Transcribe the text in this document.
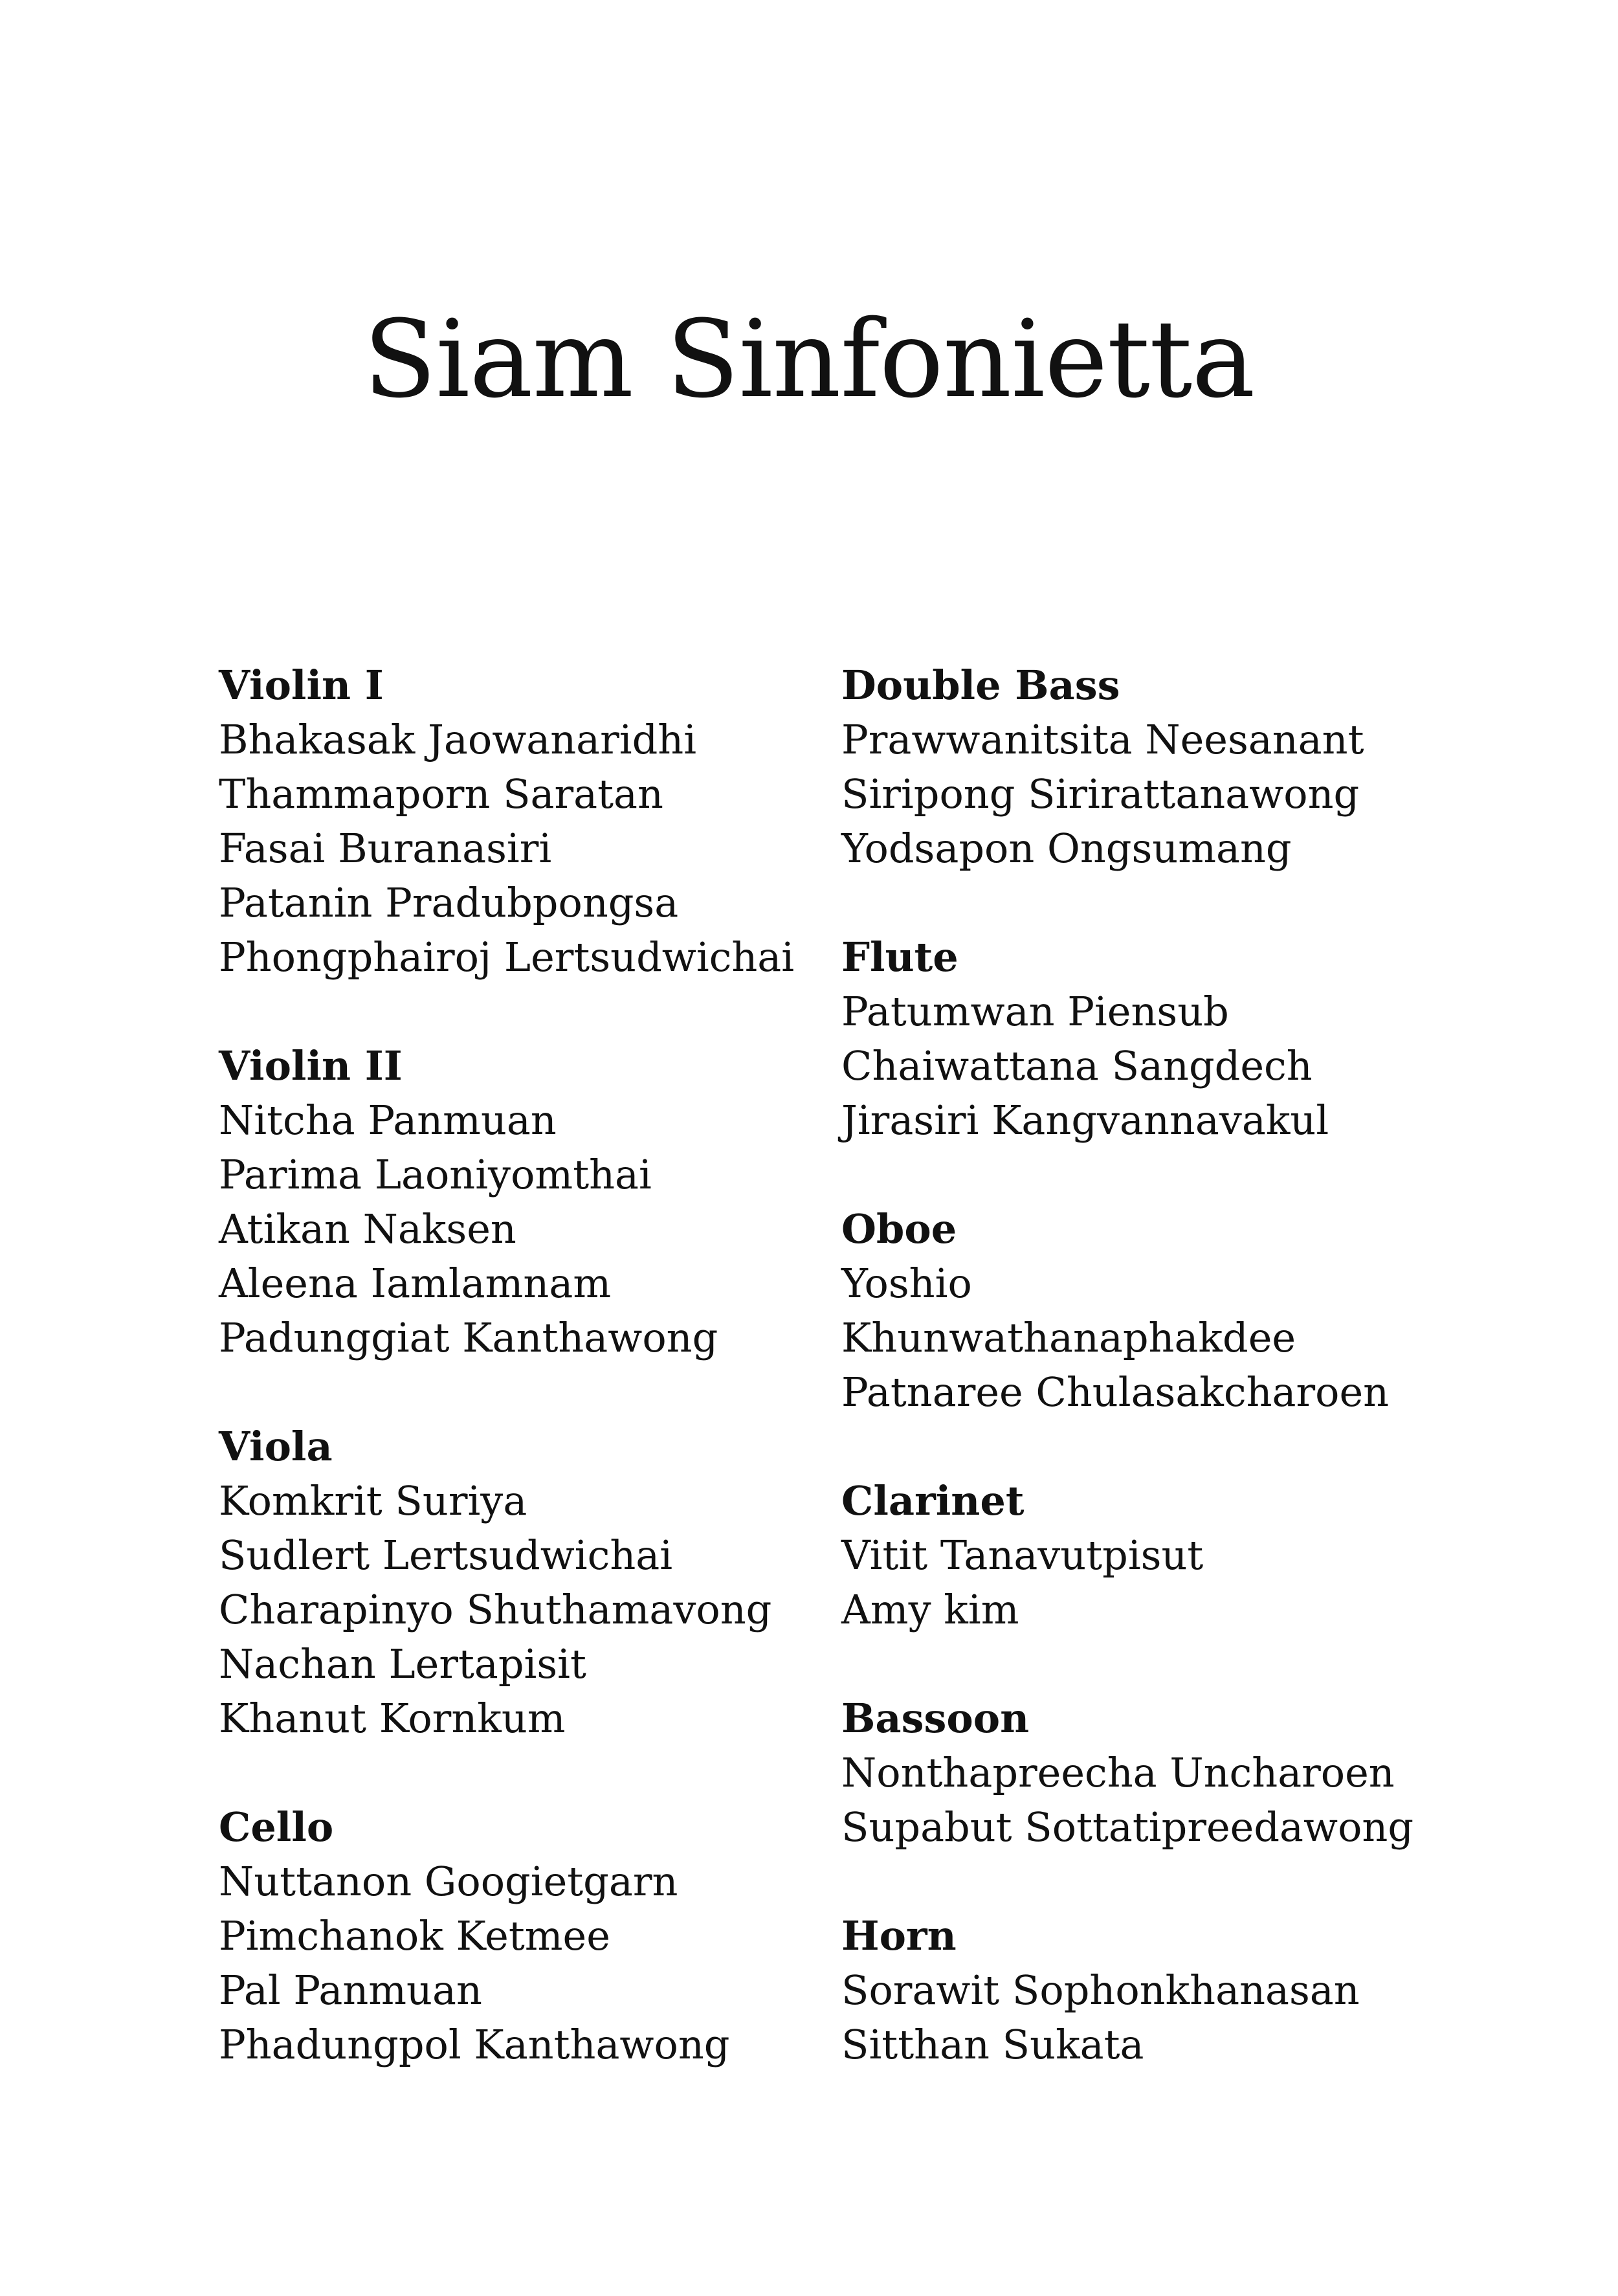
Siam Sinfonietta

Violin I

Bhakasak Jaowanaridhi

Thammaporn Saratan

Fasai Buranasiri

Patanin Pradubpongsa

Phongphairoj Lertsudwichai

Violin II

Nitcha Panmuan

Parima Laoniyomthai

Atikan Naksen

Aleena Iamlamnam

Padunggiat Kanthawong

Viola

Komkrit Suriya

Sudlert Lertsudwichai

Charapinyo Shuthamavong

Nachan Lertapisit

Khanut Kornkum

Cello

Nuttanon Googietgarn

Pimchanok Ketmee

Pal Panmuan

Phadungpol Kanthawong

Double Bass

Prawwanitsita Neesanant

Siripong Sirirattanawong

Yodsapon Ongsumang

Flute

Patumwan Piensub

Chaiwattana Sangdech

Jirasiri Kangvannavakul

Oboe

Yoshio

Khunwathanaphakdee

Patnaree Chulasakcharoen

Clarinet

Vitit Tanavutpisut

Amy kim

Bassoon

Nonthapreecha Uncharoen

Supabut Sottatipreedawong

Horn

Sorawit Sophonkhanasan

Sitthan Sukata
